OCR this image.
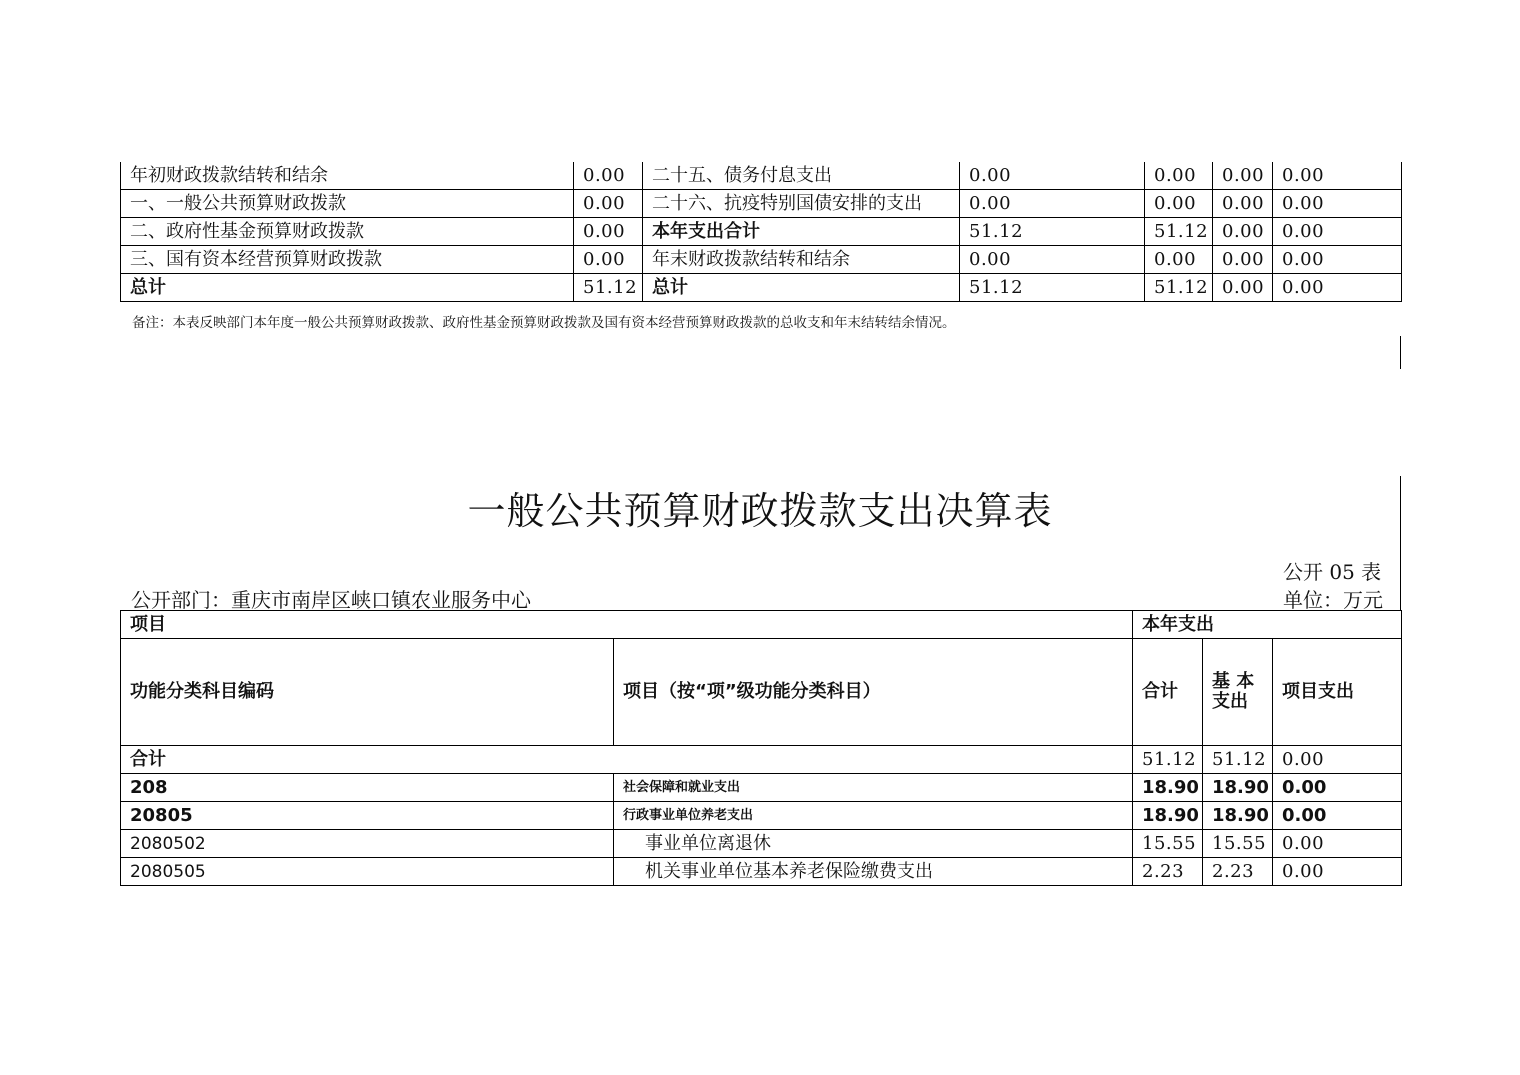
年初财政拨款结转和结余	0.00	二十五、债务付息支出	0.00	0.00	0.00	0.00
一、一般公共预算财政拨款	0.00	二十六、抗疫特别国债安排的支出	0.00	0.00	0.00	0.00
二、政府性基金预算财政拨款	0.00	本年支出合计	51.12	51.12	0.00	0.00
三、国有资本经营预算财政拨款	0.00	年末财政拨款结转和结余	0.00	0.00	0.00	0.00
总计	51.12	总计	51.12	51.12	0.00	0.00
备注：本表反映部门本年度一般公共预算财政拨款、政府性基金预算财政拨款及国有资本经营预算财政拨款的总收支和年末结转结余情况。
一般公共预算财政拨款支出决算表
公开 05 表
公开部门：重庆市南岸区峡口镇农业服务中心	单位：万元
项目		本年支出		
功能分类科目编码	项目（按“项”级功能分类科目）	合计	基 本
支出	项目支出
合计		51.12	51.12	0.00
208	社会保障和就业支出	18.90	18.90	0.00
20805	行政事业单位养老支出	18.90	18.90	0.00
2080502	事业单位离退休	15.55	15.55	0.00
2080505	机关事业单位基本养老保险缴费支出	2.23	2.23	0.00
